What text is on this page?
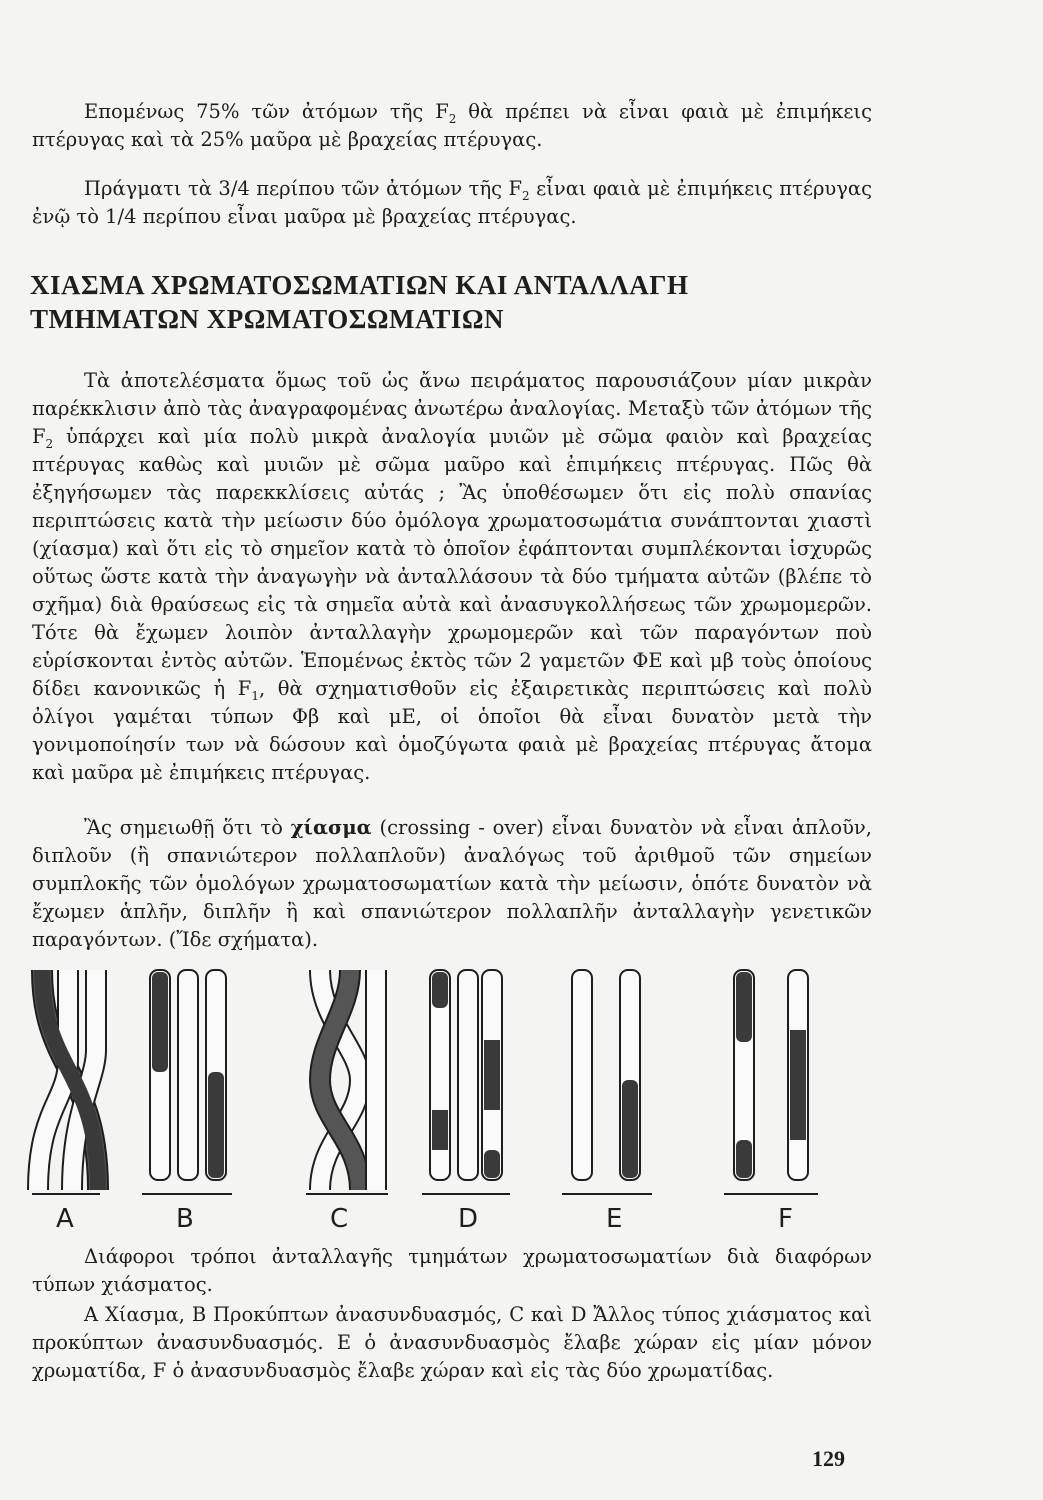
Επομένως 75% τῶν ἀτόμων τῆς $F_2$ θὰ πρέπει νὰ εἶναι φαιὰ μὲ ἐπιμήκεις πτέρυγας καὶ τὰ 25% μαῦρα μὲ βραχείας πτέρυγας.

Πράγματι τὰ 3/4 περίπου τῶν ἀτόμων τῆς $F_2$ εἶναι φαιὰ μὲ ἐπιμήκεις πτέρυγας ἐνῷ τὸ 1/4 περίπου εἶναι μαῦρα μὲ βραχείας πτέρυγας.

ΧΙΑΣΜΑ ΧΡΩΜΑΤΟΣΩΜΑΤΙΩΝ ΚΑΙ ΑΝΤΑΛΛΑΓΗ
ΤΜΗΜΑΤΩΝ ΧΡΩΜΑΤΟΣΩΜΑΤΙΩΝ

Τὰ ἀποτελέσματα ὅμως τοῦ ὡς ἄνω πειράματος παρουσιάζουν μίαν μικρὰν παρέκκλισιν ἀπὸ τὰς ἀναγραφομένας ἀνωτέρω ἀναλογίας. Μεταξὺ τῶν ἀτόμων τῆς $F_2$ ὑπάρχει καὶ μία πολὺ μικρὰ ἀναλογία μυιῶν μὲ σῶμα φαιὸν καὶ βραχείας πτέρυγας καθὼς καὶ μυιῶν μὲ σῶμα μαῦρο καὶ ἐπιμήκεις πτέρυγας. Πῶς θὰ ἐξηγήσωμεν τὰς παρεκκλίσεις αὐτάς ; Ἂς ὑποθέσωμεν ὅτι εἰς πολὺ σπανίας περιπτώσεις κατὰ τὴν μείωσιν δύο ὁμόλογα χρωματοσωμάτια συνάπτονται χιαστὶ (χίασμα) καὶ ὅτι εἰς τὸ σημεῖον κατὰ τὸ ὁποῖον ἐφάπτονται συμπλέκονται ἰσχυρῶς οὕτως ὥστε κατὰ τὴν ἀναγωγὴν νὰ ἀνταλλάσουν τὰ δύο τμήματα αὐτῶν (βλέπε τὸ σχῆμα) διὰ θραύσεως εἰς τὰ σημεῖα αὐτὰ καὶ ἀνασυγκολλήσεως τῶν χρωμομερῶν. Τότε θὰ ἔχωμεν λοιπὸν ἀνταλλαγὴν χρωμομερῶν καὶ τῶν παραγόντων ποὺ εὑρίσκονται ἐντὸς αὐτῶν. Ἑπομένως ἐκτὸς τῶν 2 γαμετῶν ΦΕ καὶ μβ τοὺς ὁποίους δίδει κανονικῶς ἡ $F_1$, θὰ σχηματισθοῦν εἰς ἐξαιρετικὰς περιπτώσεις καὶ πολὺ ὀλίγοι γαμέται τύπων Φβ καὶ μΕ, οἱ ὁποῖοι θὰ εἶναι δυνατὸν μετὰ τὴν γονιμοποίησίν των νὰ δώσουν καὶ ὁμοζύγωτα φαιὰ μὲ βραχείας πτέρυγας ἄτομα καὶ μαῦρα μὲ ἐπιμήκεις πτέρυγας.

Ἂς σημειωθῇ ὅτι τὸ χίασμα (crossing - over) εἶναι δυνατὸν νὰ εἶναι ἁπλοῦν, διπλοῦν (ἢ σπανιώτερον πολλαπλοῦν) ἀναλόγως τοῦ ἀριθμοῦ τῶν σημείων συμπλοκῆς τῶν ὁμολόγων χρωματοσωματίων κατὰ τὴν μείωσιν, ὁπότε δυνατὸν νὰ ἔχωμεν ἁπλῆν, διπλῆν ἢ καὶ σπανιώτερον πολλαπλῆν ἀνταλλαγὴν γενετικῶν παραγόντων. (Ἴδε σχήματα).

A	B	C	D	E	F

Διάφοροι τρόποι ἀνταλλαγῆς τμημάτων χρωματοσωματίων διὰ διαφόρων τύπων χιάσματος.

Α Χίασμα, Β Προκύπτων ἀνασυνδυασμός, C καὶ D Ἄλλος τύπος χιάσματος καὶ προκύπτων ἀνασυνδυασμός. Ε ὁ ἀνασυνδυασμὸς ἔλαβε χώραν εἰς μίαν μόνον χρωματίδα, F ὁ ἀνασυνδυασμὸς ἔλαβε χώραν καὶ εἰς τὰς δύο χρωματίδας.

129
